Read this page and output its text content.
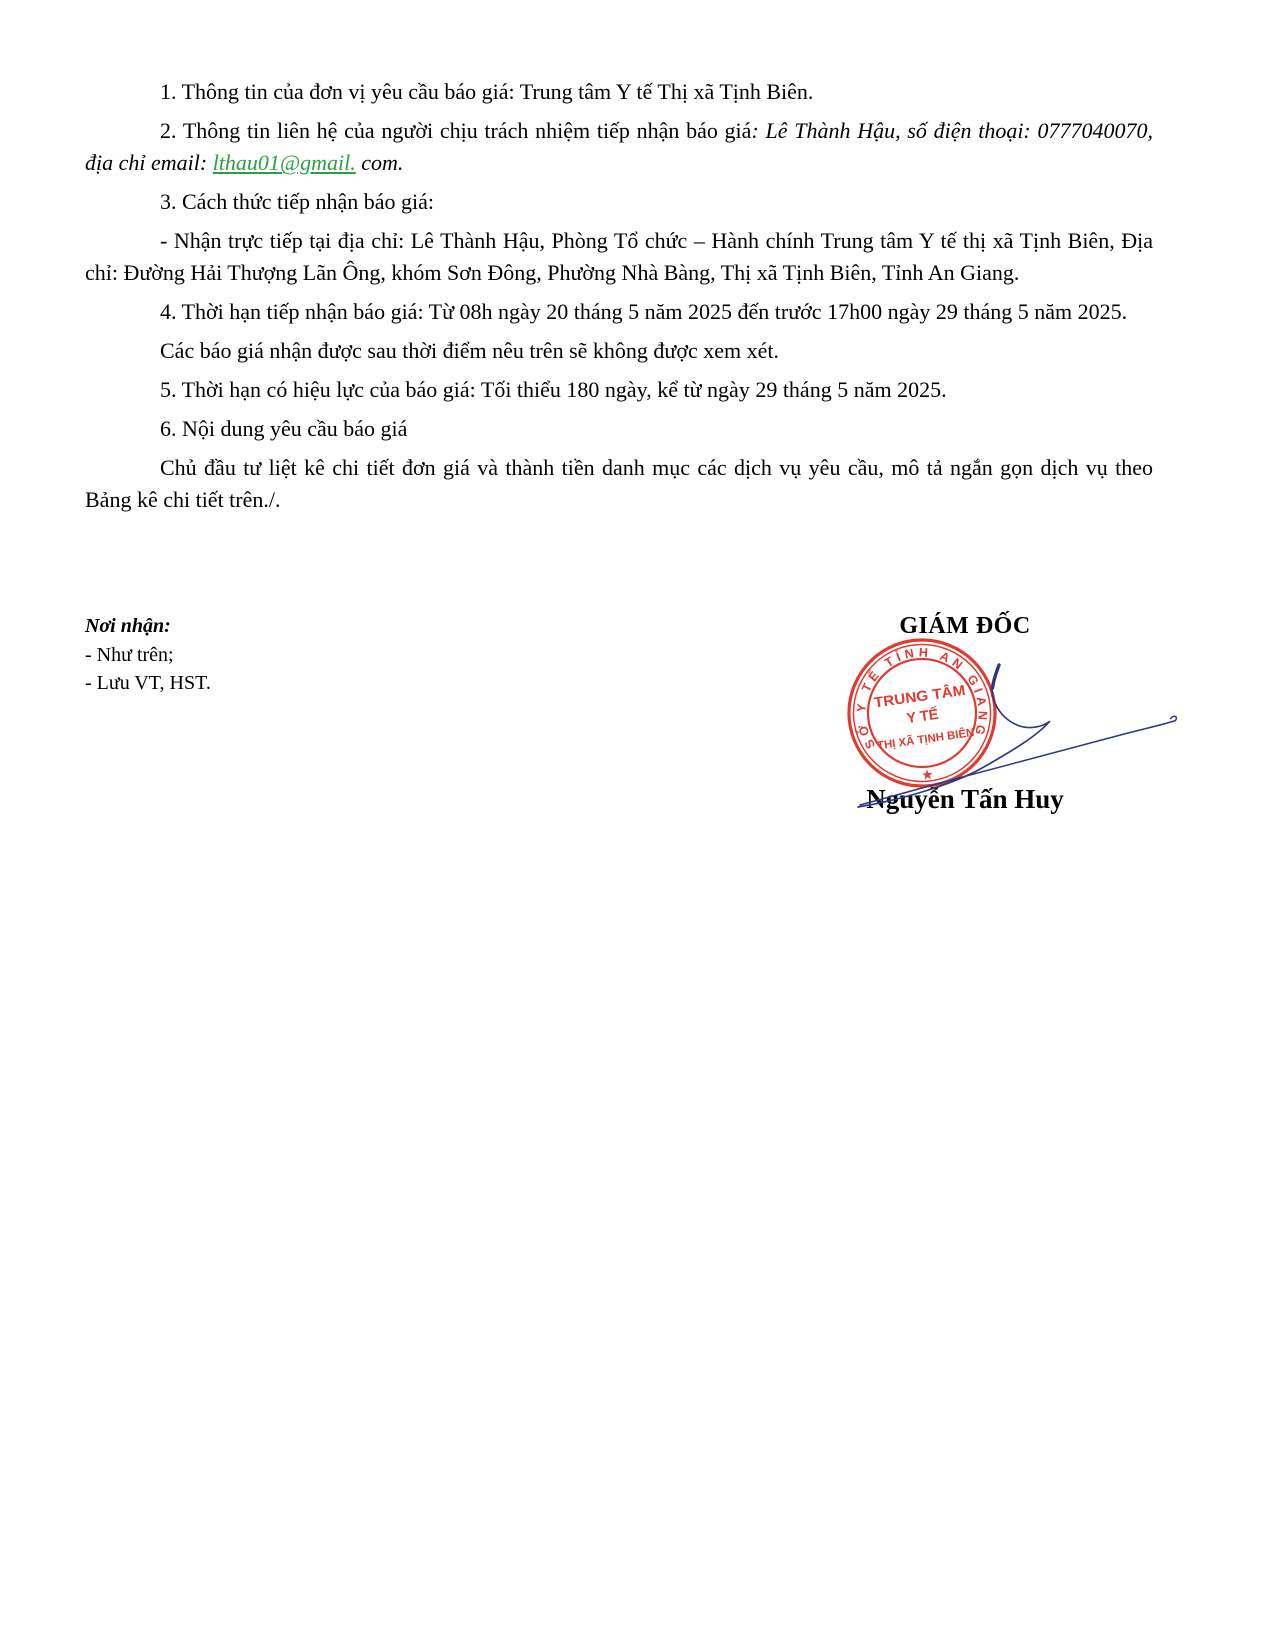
1. Thông tin của đơn vị yêu cầu báo giá: Trung tâm Y tế Thị xã Tịnh Biên.

2. Thông tin liên hệ của người chịu trách nhiệm tiếp nhận báo giá: Lê Thành Hậu, số điện thoại: 0777040070, địa chỉ email: lthau01@gmail. com.

3. Cách thức tiếp nhận báo giá:

- Nhận trực tiếp tại địa chỉ: Lê Thành Hậu, Phòng Tổ chức – Hành chính Trung tâm Y tế thị xã Tịnh Biên, Địa chỉ: Đường Hải Thượng Lãn Ông, khóm Sơn Đông, Phường Nhà Bàng, Thị xã Tịnh Biên, Tỉnh An Giang.

4. Thời hạn tiếp nhận báo giá: Từ 08h ngày 20 tháng 5 năm 2025 đến trước 17h00 ngày 29 tháng 5 năm 2025.

Các báo giá nhận được sau thời điểm nêu trên sẽ không được xem xét.

5. Thời hạn có hiệu lực của báo giá: Tối thiểu 180 ngày, kể từ ngày 29 tháng 5 năm 2025.

6. Nội dung yêu cầu báo giá

Chủ đầu tư liệt kê chi tiết đơn giá và thành tiền danh mục các dịch vụ yêu cầu, mô tả ngắn gọn dịch vụ theo Bảng kê chi tiết trên./.

Nơi nhận:
- Như trên;
- Lưu VT, HST.
GIÁM ĐỐC
Nguyễn Tấn Huy
SỞ Y TẾ TỈNH AN GIANG
★
TRUNG TÂM
Y TẾ
THỊ XÃ TỊNH BIÊN
